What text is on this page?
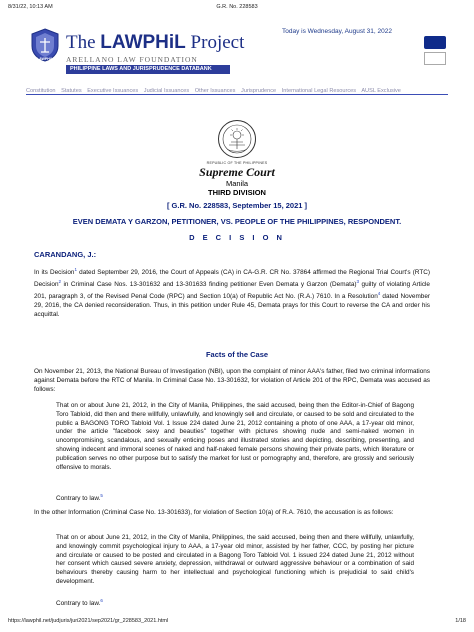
8/31/22, 10:13 AM	G.R. No. 228583
LAWPHiL
The LAWPHiL Project
ARELLANO LAW FOUNDATION
PHILIPPINE LAWS AND JURISPRUDENCE DATABANK
Today is Wednesday, August 31, 2022
Constitution Statutes Executive Issuances Judicial Issuances Other Issuances Jurisprudence International Legal Resources AUSL Exclusive
REPUBLIC OF THE PHILIPPINES
Supreme Court
Manila
THIRD DIVISION
[ G.R. No. 228583, September 15, 2021 ]
EVEN DEMATA Y GARZON, PETITIONER, VS. PEOPLE OF THE PHILIPPINES, RESPONDENT.
D E C I S I O N
CARANDANG, J.:
In its Decision$^1$ dated September 29, 2016, the Court of Appeals (CA) in CA-G.R. CR No. 37864 affirmed the Regional Trial Court's (RTC) Decision$^2$ in Criminal Case Nos. 13-301632 and 13-301633 finding petitioner Even Demata y Garzon (Demata)$^3$ guilty of violating Article 201, paragraph 3, of the Revised Penal Code (RPC) and Section 10(a) of Republic Act No. (R.A.) 7610. In a Resolution$^4$ dated November 29, 2016, the CA denied reconsideration. Thus, in this petition under Rule 45, Demata prays for this Court to reverse the CA and order his acquittal.
Facts of the Case
On November 21, 2013, the National Bureau of Investigation (NBI), upon the complaint of minor AAA's father, filed two criminal informations against Demata before the RTC of Manila. In Criminal Case No. 13-301632, for violation of Article 201 of the RPC, Demata was accused as follows:
That on or about June 21, 2012, in the City of Manila, Philippines, the said accused, being then the Editor-in-Chief of Bagong Toro Tabloid, did then and there willfully, unlawfully, and knowingly sell and circulate, or caused to be sold and circulated to the public a BAGONG TORO Tabloid Vol. 1 Issue 224 dated June 21, 2012 containing a photo of one AAA, a 17-year old minor, under the article "facebook sexy and beauties" together with pictures showing nude and semi-naked women in uncompromising, scandalous, and sexually enticing poses and illustrated stories and depicting, describing, presenting, and showing indecent and immoral scenes of naked and half-naked female persons showing their private parts, which literature or publication serves no other purpose but to satisfy the market for lust or pornography and, therefore, are grossly and seriously offensive to morals.
Contrary to law.$^5$
In the other Information (Criminal Case No. 13-301633), for violation of Section 10(a) of R.A. 7610, the accusation is as follows:
That on or about June 21, 2012, in the City of Manila, Philippines, the said accused, being then and there willfully, unlawfully, and knowingly commit psychological injury to AAA, a 17-year old minor, assisted by her father, CCC, by posting her picture and circulate or caused to be posted and circulated in a Bagong Toro Tabloid Vol. 1 issued 224 dated June 21, 2012 without her consent which caused severe anxiety, depression, withdrawal or outward aggressive behaviour or a combination of said behaviours thereby causing harm to her intellectual and psychological functioning which is prejudicial to said child's development.
Contrary to law.$^6$
https://lawphil.net/judjuris/juri2021/sep2021/gr_228583_2021.html	1/18
